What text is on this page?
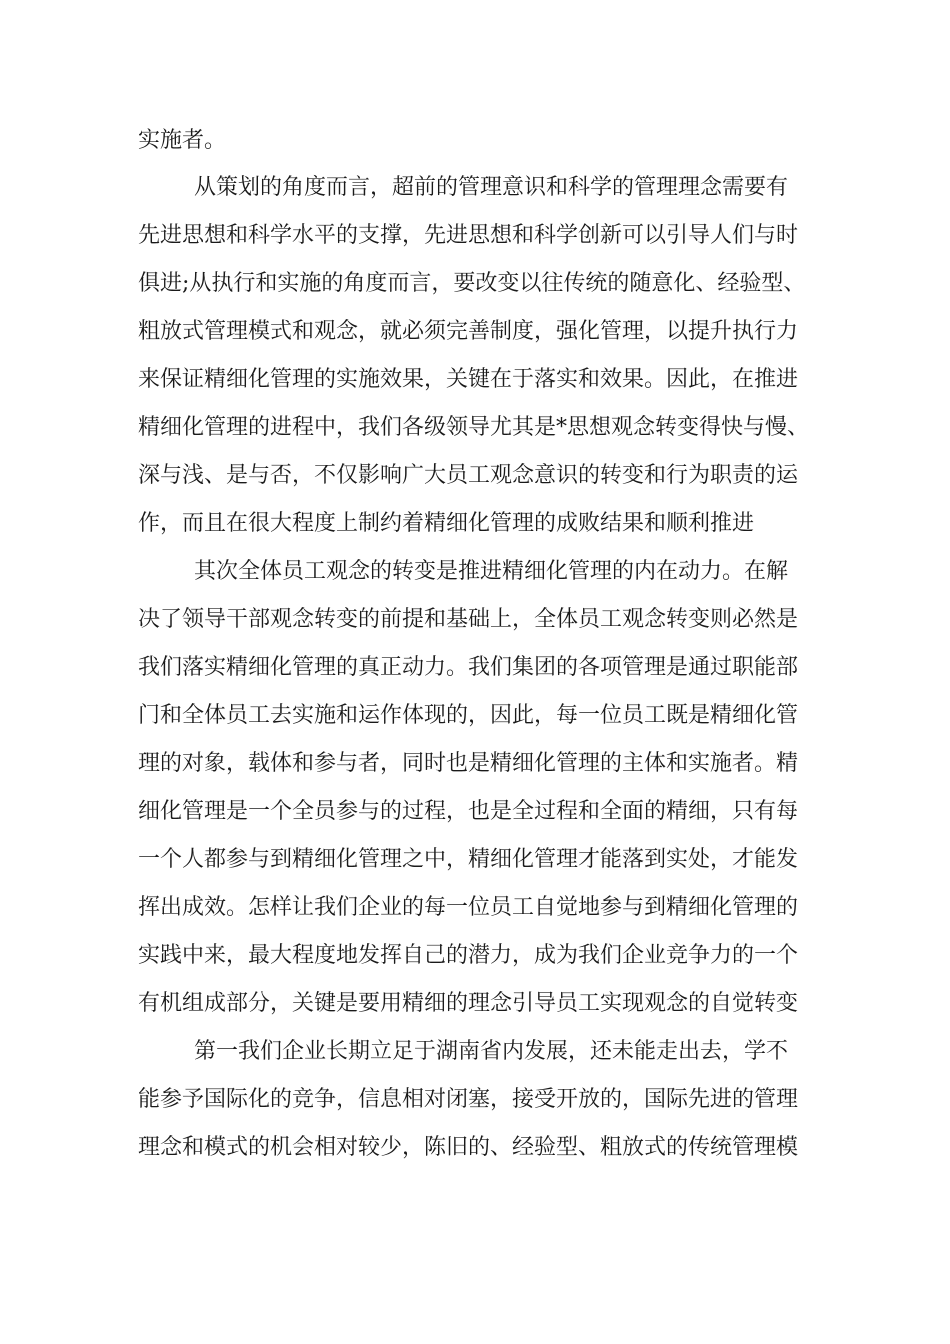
实施者。

从策划的角度而言，超前的管理意识和科学的管理理念需要有

先进思想和科学水平的支撑，先进思想和科学创新可以引导人们与时

俱进;从执行和实施的角度而言，要改变以往传统的随意化、经验型、

粗放式管理模式和观念，就必须完善制度，强化管理，以提升执行力

来保证精细化管理的实施效果，关键在于落实和效果。因此，在推进

精细化管理的进程中，我们各级领导尤其是*思想观念转变得快与慢、

深与浅、是与否，不仅影响广大员工观念意识的转变和行为职责的运

作，而且在很大程度上制约着精细化管理的成败结果和顺利推进

其次全体员工观念的转变是推进精细化管理的内在动力。在解

决了领导干部观念转变的前提和基础上，全体员工观念转变则必然是

我们落实精细化管理的真正动力。我们集团的各项管理是通过职能部

门和全体员工去实施和运作体现的，因此，每一位员工既是精细化管

理的对象，载体和参与者，同时也是精细化管理的主体和实施者。精

细化管理是一个全员参与的过程，也是全过程和全面的精细，只有每

一个人都参与到精细化管理之中，精细化管理才能落到实处，才能发

挥出成效。怎样让我们企业的每一位员工自觉地参与到精细化管理的

实践中来，最大程度地发挥自己的潜力，成为我们企业竞争力的一个

有机组成部分，关键是要用精细的理念引导员工实现观念的自觉转变

第一我们企业长期立足于湖南省内发展，还未能走出去，学不

能参予国际化的竞争，信息相对闭塞，接受开放的，国际先进的管理

理念和模式的机会相对较少，陈旧的、经验型、粗放式的传统管理模
